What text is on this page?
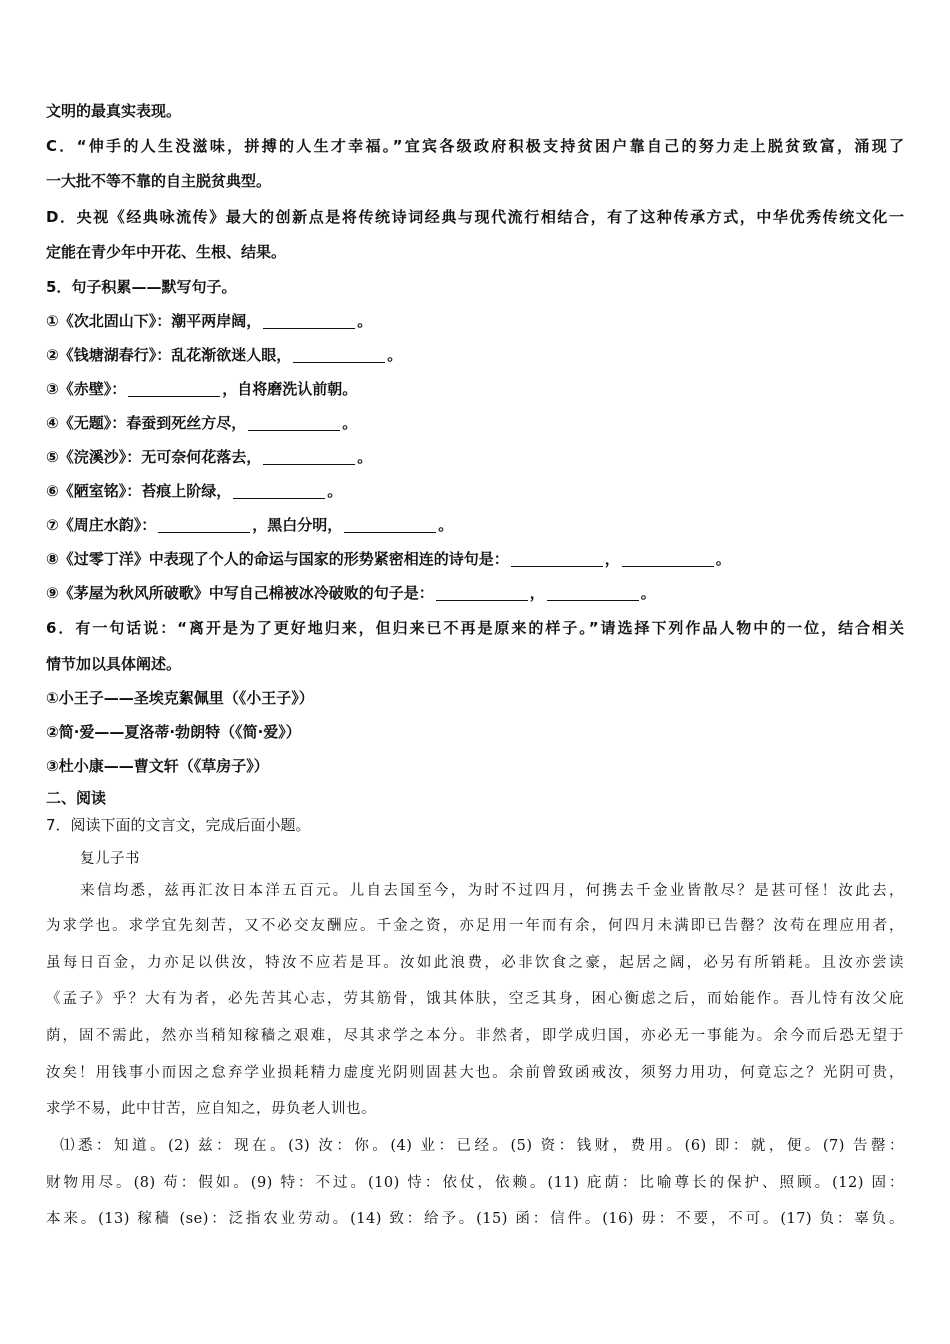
文明的最真实表现。
C．“伸手的人生没滋味，拼搏的人生才幸福。”宜宾各级政府积极支持贫困户靠自己的努力走上脱贫致富，涌现了
一大批不等不靠的自主脱贫典型。
D．央视《经典咏流传》最大的创新点是将传统诗词经典与现代流行相结合，有了这种传承方式，中华优秀传统文化一
定能在青少年中开花、生根、结果。
5．句子积累——默写句子。
①《次北固山下》：潮平两岸阔，	。
②《钱塘湖春行》：乱花渐欲迷人眼，	。
③《赤壁》：	，自将磨洗认前朝。
④《无题》：春蚕到死丝方尽，	。
⑤《浣溪沙》：无可奈何花落去，	。
⑥《陋室铭》：苔痕上阶绿，	。
⑦《周庄水韵》：	，黑白分明，	。
⑧《过零丁洋》中表现了个人的命运与国家的形势紧密相连的诗句是：	，	。
⑨《茅屋为秋风所破歌》中写自己棉被冰冷破败的句子是：	，	。
6．有一句话说：“离开是为了更好地归来，但归来已不再是原来的样子。”请选择下列作品人物中的一位，结合相关
情节加以具体阐述。
①小王子——圣埃克絮佩里（《小王子》）
②简·爱——夏洛蒂·勃朗特（《简·爱》）
③杜小康——曹文轩（《草房子》）
二、阅读
7．阅读下面的文言文，完成后面小题。
复儿子书
来信均悉，兹再汇汝日本洋五百元。儿自去国至今，为时不过四月，何携去千金业皆散尽？是甚可怪！汝此去，
为求学也。求学宜先刻苦，又不必交友酬应。千金之资，亦足用一年而有余，何四月未满即已告罄？汝苟在理应用者，
虽每日百金，力亦足以供汝，特汝不应若是耳。汝如此浪费，必非饮食之豪，起居之阔，必另有所销耗。且汝亦尝读
《孟子》乎？大有为者，必先苦其心志，劳其筋骨，饿其体肤，空乏其身，困心衡虑之后，而始能作。吾儿恃有汝父庇
荫，固不需此，然亦当稍知稼穑之艰难，尽其求学之本分。非然者，即学成归国，亦必无一事能为。余今而后恐无望于
汝矣！用钱事小而因之怠弃学业损耗精力虚度光阴则固甚大也。余前曾致函戒汝，须努力用功，何竟忘之？光阴可贵，
求学不易，此中甘苦，应自知之，毋负老人训也。
⑴悉：知道。(2) 兹：现在。(3) 汝：你。(4) 业：已经。(5) 资：钱财，费用。(6) 即：就，便。(7) 告罄：
财物用尽。(8) 苟：假如。(9) 特：不过。(10) 恃：依仗，依赖。(11) 庇荫：比喻尊长的保护、照顾。(12) 固：
本来。(13) 稼穑 (se)：泛指农业劳动。(14) 致：给予。(15) 函：信件。(16) 毋：不要，不可。(17) 负：辜负。
